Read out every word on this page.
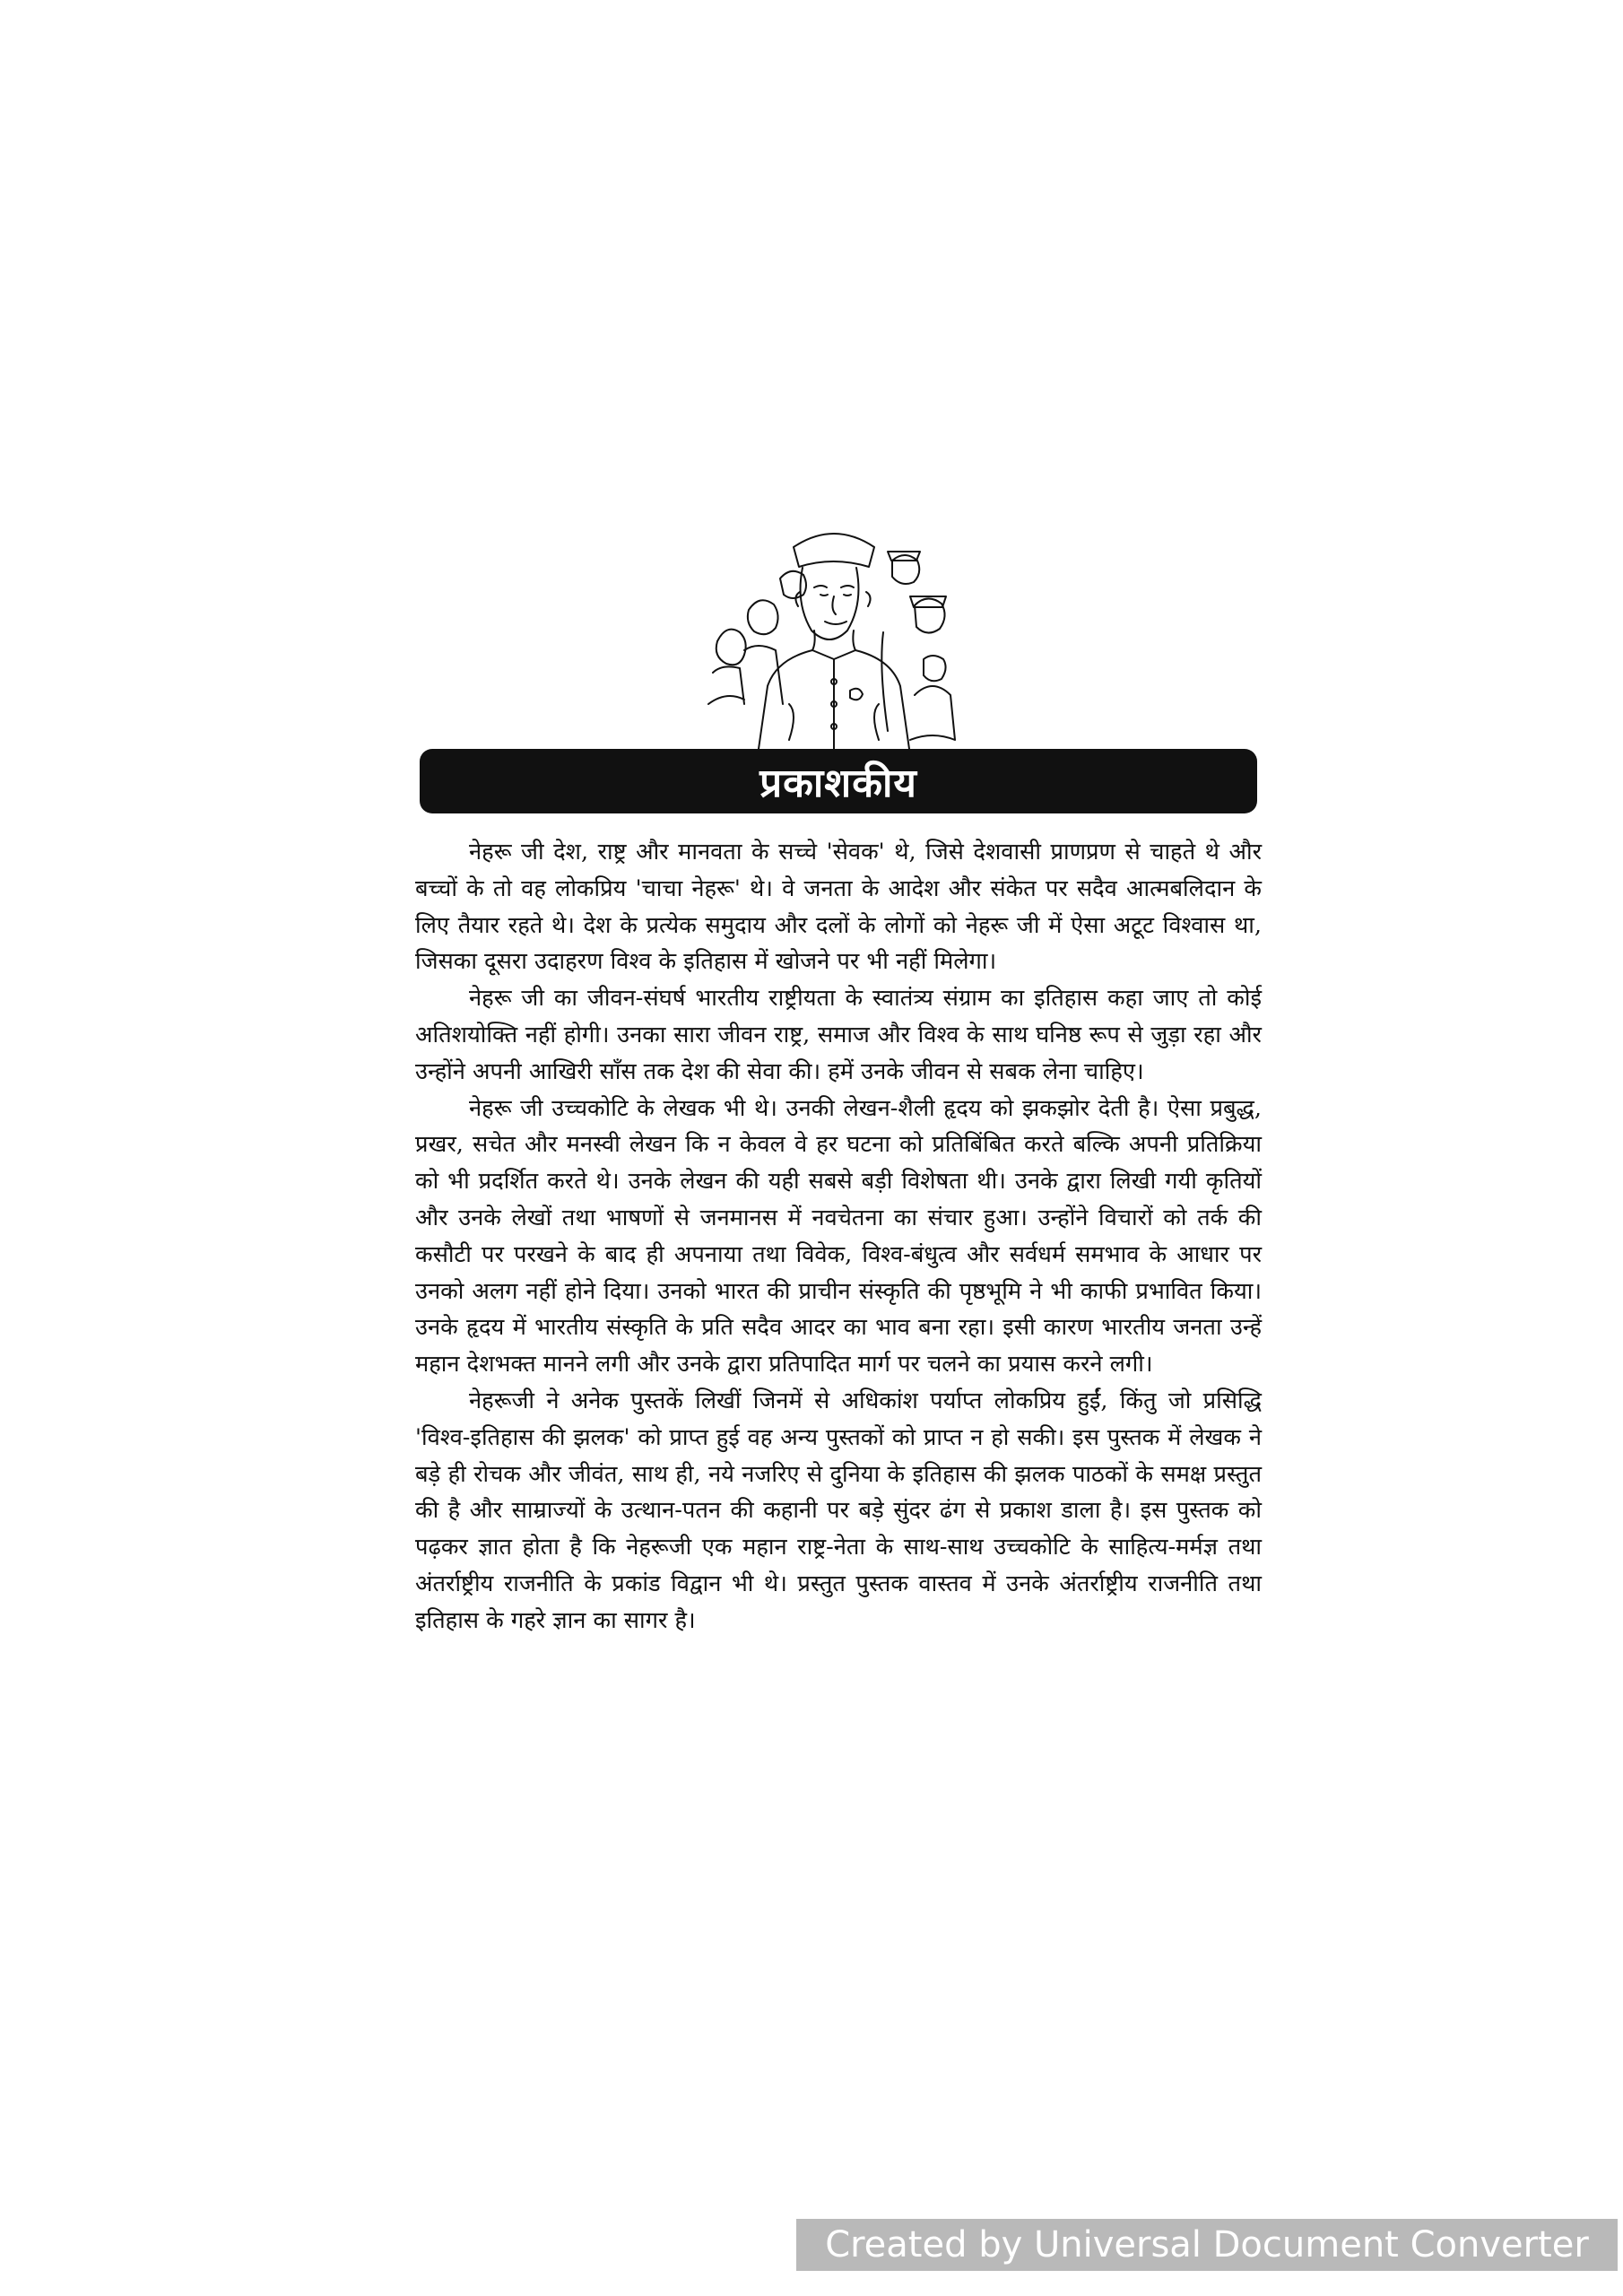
प्रकाशकीय

नेहरू जी देश, राष्ट्र और मानवता के सच्चे 'सेवक' थे, जिसे देशवासी प्राणप्रण से चाहते थे और बच्चों के तो वह लोकप्रिय 'चाचा नेहरू' थे। वे जनता के आदेश और संकेत पर सदैव आत्मबलिदान के लिए तैयार रहते थे। देश के प्रत्येक समुदाय और दलों के लोगों को नेहरू जी में ऐसा अटूट विश्वास था, जिसका दूसरा उदाहरण विश्व के इतिहास में खोजने पर भी नहीं मिलेगा।

नेहरू जी का जीवन-संघर्ष भारतीय राष्ट्रीयता के स्वातंत्र्य संग्राम का इतिहास कहा जाए तो कोई अतिशयोक्ति नहीं होगी। उनका सारा जीवन राष्ट्र, समाज और विश्व के साथ घनिष्ठ रूप से जुड़ा रहा और उन्होंने अपनी आखिरी साँस तक देश की सेवा की। हमें उनके जीवन से सबक लेना चाहिए।

नेहरू जी उच्चकोटि के लेखक भी थे। उनकी लेखन-शैली हृदय को झकझोर देती है। ऐसा प्रबुद्ध, प्रखर, सचेत और मनस्वी लेखन कि न केवल वे हर घटना को प्रतिबिंबित करते बल्कि अपनी प्रतिक्रिया को भी प्रदर्शित करते थे। उनके लेखन की यही सबसे बड़ी विशेषता थी। उनके द्वारा लिखी गयी कृतियों और उनके लेखों तथा भाषणों से जनमानस में नवचेतना का संचार हुआ। उन्होंने विचारों को तर्क की कसौटी पर परखने के बाद ही अपनाया तथा विवेक, विश्व-बंधुत्व और सर्वधर्म समभाव के आधार पर उनको अलग नहीं होने दिया। उनको भारत की प्राचीन संस्कृति की पृष्ठभूमि ने भी काफी प्रभावित किया। उनके हृदय में भारतीय संस्कृति के प्रति सदैव आदर का भाव बना रहा। इसी कारण भारतीय जनता उन्हें महान देशभक्त मानने लगी और उनके द्वारा प्रतिपादित मार्ग पर चलने का प्रयास करने लगी।

नेहरूजी ने अनेक पुस्तकें लिखीं जिनमें से अधिकांश पर्याप्त लोकप्रिय हुईं, किंतु जो प्रसिद्धि 'विश्व-इतिहास की झलक' को प्राप्त हुई वह अन्य पुस्तकों को प्राप्त न हो सकी। इस पुस्तक में लेखक ने बड़े ही रोचक और जीवंत, साथ ही, नये नजरिए से दुनिया के इतिहास की झलक पाठकों के समक्ष प्रस्तुत की है और साम्राज्यों के उत्थान-पतन की कहानी पर बड़े सुंदर ढंग से प्रकाश डाला है। इस पुस्तक को पढ़कर ज्ञात होता है कि नेहरूजी एक महान राष्ट्र-नेता के साथ-साथ उच्चकोटि के साहित्य-मर्मज्ञ तथा अंतर्राष्ट्रीय राजनीति के प्रकांड विद्वान भी थे। प्रस्तुत पुस्तक वास्तव में उनके अंतर्राष्ट्रीय राजनीति तथा इतिहास के गहरे ज्ञान का सागर है।

Created by Universal Document Converter
